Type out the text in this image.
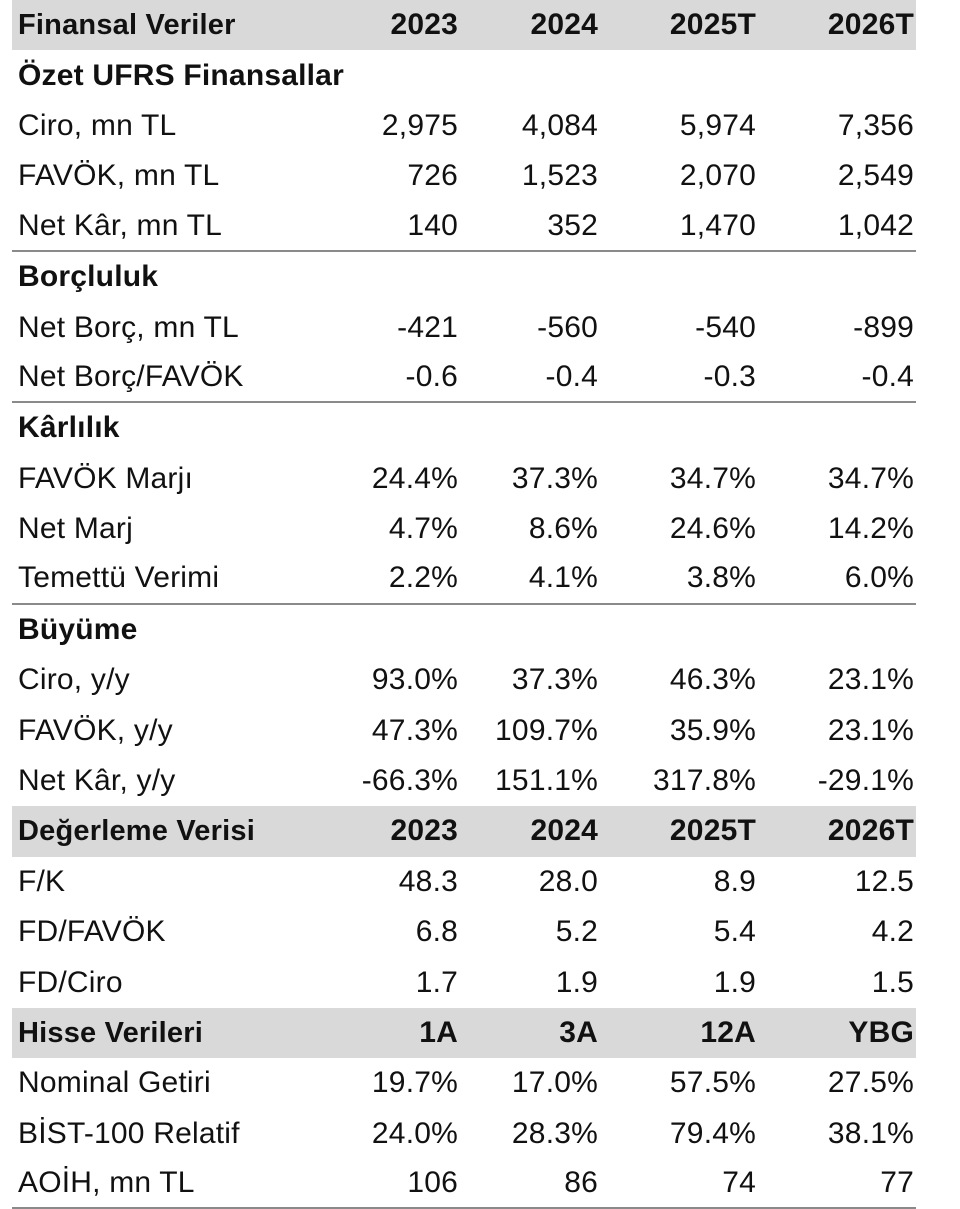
Finansal Veriler	2023	2024	2025T	2026T
Özet UFRS Finansallar
Ciro, mn TL	2,975	4,084	5,974	7,356
FAVÖK, mn TL	726	1,523	2,070	2,549
Net Kâr, mn TL	140	352	1,470	1,042
Borçluluk
Net Borç, mn TL	-421	-560	-540	-899
Net Borç/FAVÖK	-0.6	-0.4	-0.3	-0.4
Kârlılık
FAVÖK Marjı	24.4%	37.3%	34.7%	34.7%
Net Marj	4.7%	8.6%	24.6%	14.2%
Temettü Verimi	2.2%	4.1%	3.8%	6.0%
Büyüme
Ciro, y/y	93.0%	37.3%	46.3%	23.1%
FAVÖK, y/y	47.3%	109.7%	35.9%	23.1%
Net Kâr, y/y	-66.3%	151.1%	317.8%	-29.1%
Değerleme Verisi	2023	2024	2025T	2026T
F/K	48.3	28.0	8.9	12.5
FD/FAVÖK	6.8	5.2	5.4	4.2
FD/Ciro	1.7	1.9	1.9	1.5
Hisse Verileri	1A	3A	12A	YBG
Nominal Getiri	19.7%	17.0%	57.5%	27.5%
BİST-100 Relatif	24.0%	28.3%	79.4%	38.1%
AOİH, mn TL	106	86	74	77
